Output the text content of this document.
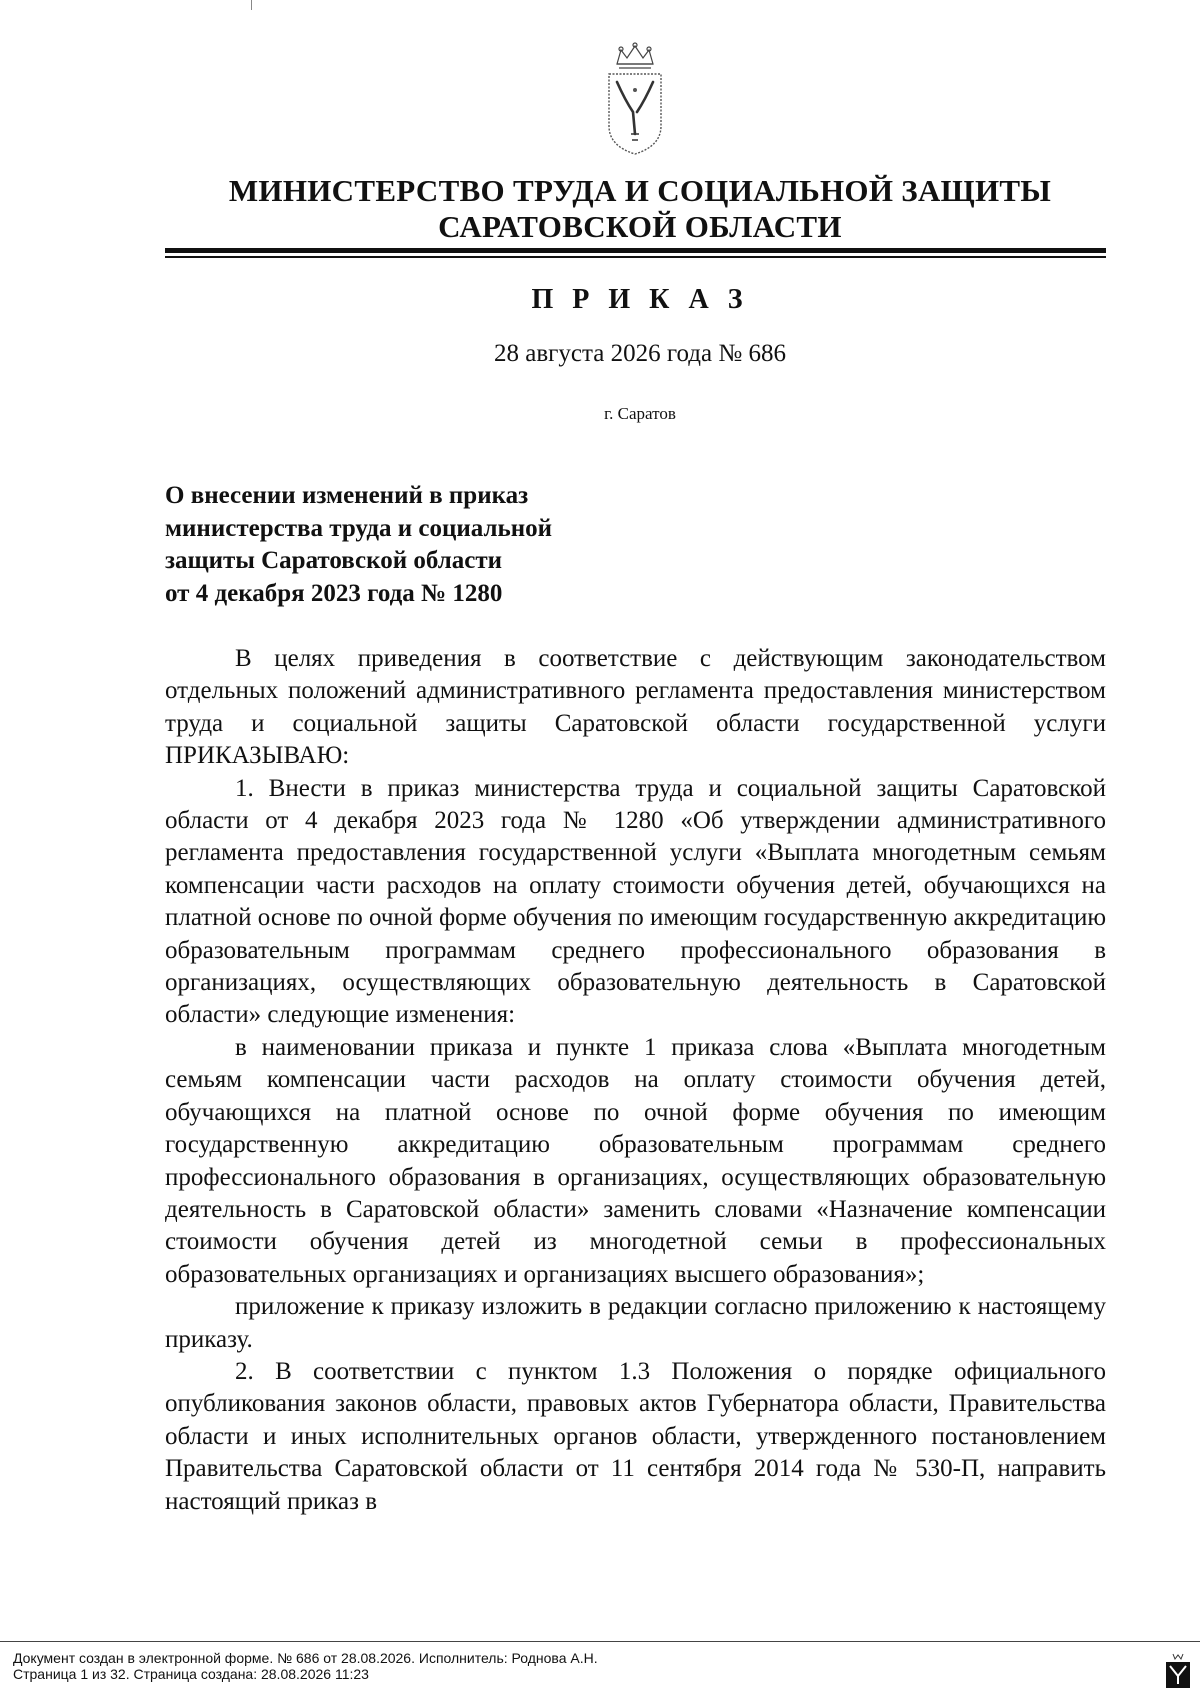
МИНИСТЕРСТВО ТРУДА И СОЦИАЛЬНОЙ ЗАЩИТЫ
САРАТОВСКОЙ ОБЛАСТИ
П Р И К А З
28 августа 2026 года № 686
г. Саратов
О внесении изменений в приказ
министерства труда и социальной
защиты Саратовской области
от 4 декабря 2023 года № 1280

В целях приведения в соответствие с действующим законодательством отдельных положений административного регламента предоставления министерством труда и социальной защиты Саратовской области государственной услуги ПРИКАЗЫВАЮ:

1. Внести в приказ министерства труда и социальной защиты Саратовской области от 4 декабря 2023 года № 1280 «Об утверждении административного регламента предоставления государственной услуги «Выплата многодетным семьям компенсации части расходов на оплату стоимости обучения детей, обучающихся на платной основе по очной форме обучения по имеющим государственную аккредитацию образовательным программам среднего профессионального образования в организациях, осуществляющих образовательную деятельность в Саратовской области» следующие изменения:

в наименовании приказа и пункте 1 приказа слова «Выплата многодетным семьям компенсации части расходов на оплату стоимости обучения детей, обучающихся на платной основе по очной форме обучения по имеющим государственную аккредитацию образовательным программам среднего профессионального образования в организациях, осуществляющих образовательную деятельность в Саратовской области» заменить словами «Назначение компенсации стоимости обучения детей из многодетной семьи в профессиональных образовательных организациях и организациях высшего образования»;

приложение к приказу изложить в редакции согласно приложению к настоящему приказу.

2. В соответствии с пунктом 1.3 Положения о порядке официального опубликования законов области, правовых актов Губернатора области, Правительства области и иных исполнительных органов области, утвержденного постановлением Правительства Саратовской области от 11 сентября 2014 года № 530-П, направить настоящий приказ в

Документ создан в электронной форме. № 686 от 28.08.2026. Исполнитель: Роднова А.Н.
Страница 1 из 32. Страница создана: 28.08.2026 11:23
